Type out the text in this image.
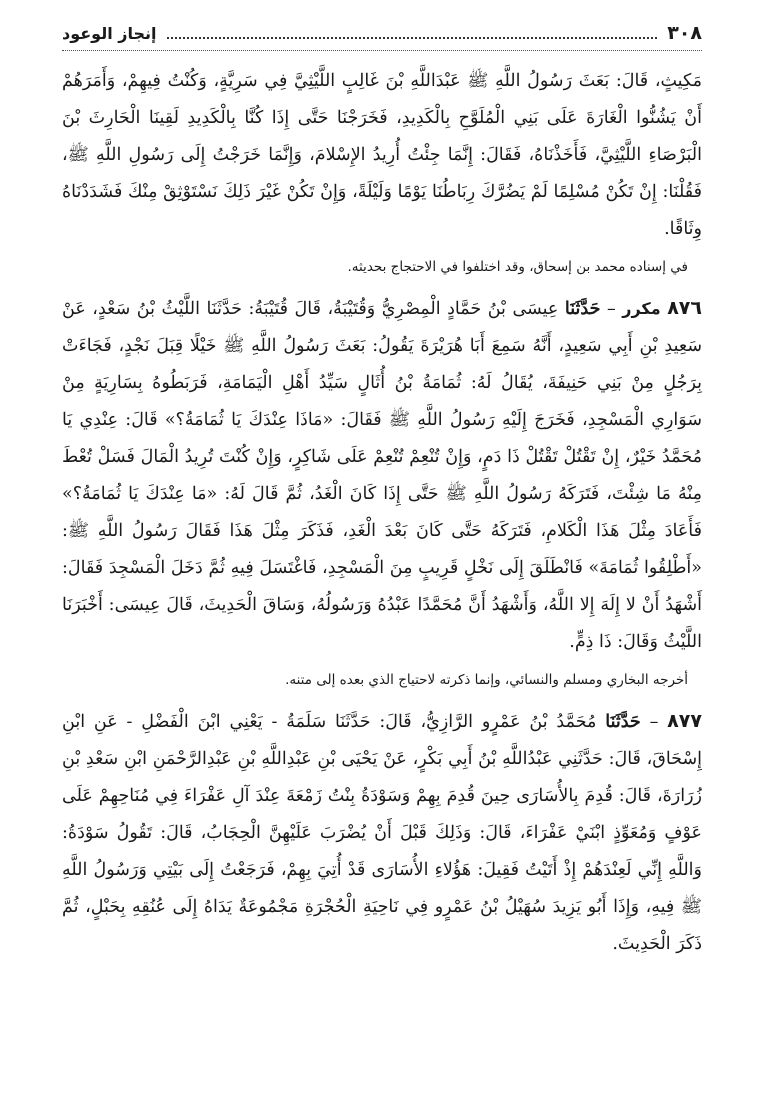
٣٠٨
إنجاز الوعود

مَكِيثٍ، قَالَ: بَعَثَ رَسُولُ اللَّهِ ﷺ عَبْدَاللَّهِ بْنَ غَالِبٍ اللَّيْثِيَّ فِي سَرِيَّةٍ، وَكُنْتُ فِيهِمْ، وَأَمَرَهُمْ أَنْ يَشُنُّوا الْغَارَةَ عَلَى بَنِي الْمُلَوَّحِ بِالْكَدِيدِ، فَخَرَجْنَا حَتَّى إِذَا كُنَّا بِالْكَدِيدِ لَقِينَا الْحَارِثَ بْنَ الْبَرْصَاءِ اللَّيْثِيَّ، فَأَخَذْنَاهُ، فَقَالَ: إِنَّمَا جِئْتُ أُرِيدُ الإِسْلامَ، وَإِنَّمَا خَرَجْتُ إِلَى رَسُولِ اللَّهِ ﷺ، فَقُلْنَا: إِنْ تَكُنْ مُسْلِمًا لَمْ يَضُرَّكَ رِبَاطُنَا يَوْمًا وَلَيْلَةً، وَإِنْ تَكُنْ غَيْرَ ذَلِكَ نَسْتَوْثِقْ مِنْكَ فَشَدَدْنَاهُ وِثَاقًا.

في إسناده محمد بن إسحاق، وقد اختلفوا في الاحتجاج بحديثه.

٨٧٦ مكرر – حَدَّثَنَا عِيسَى بْنُ حَمَّادٍ الْمِصْرِيُّ وَقُتَيْبَةُ، قَالَ قُتَيْبَةُ: حَدَّثَنَا اللَّيْثُ بْنُ سَعْدٍ، عَنْ سَعِيدِ بْنِ أَبِي سَعِيدٍ، أَنَّهُ سَمِعَ أَبَا هُرَيْرَةَ يَقُولُ: بَعَثَ رَسُولُ اللَّهِ ﷺ خَيْلًا قِبَلَ نَجْدٍ، فَجَاءَتْ بِرَجُلٍ مِنْ بَنِي حَنِيفَةَ، يُقَالُ لَهُ: ثُمَامَةُ بْنُ أُثَالٍ سَيِّدُ أَهْلِ الْيَمَامَةِ، فَرَبَطُوهُ بِسَارِيَةٍ مِنْ سَوَارِي الْمَسْجِدِ، فَخَرَجَ إِلَيْهِ رَسُولُ اللَّهِ ﷺ فَقَالَ: «مَاذَا عِنْدَكَ يَا ثُمَامَةُ؟» قَالَ: عِنْدِي يَا مُحَمَّدُ خَيْرٌ، إِنْ تَقْتُلْ تَقْتُلْ ذَا دَمٍ، وَإِنْ تُنْعِمْ تُنْعِمْ عَلَى شَاكِرٍ، وَإِنْ كُنْتَ تُرِيدُ الْمَالَ فَسَلْ تُعْطَ مِنْهُ مَا شِئْتَ، فَتَرَكَهُ رَسُولُ اللَّهِ ﷺ حَتَّى إِذَا كَانَ الْغَدُ، ثُمَّ قَالَ لَهُ: «مَا عِنْدَكَ يَا ثُمَامَةُ؟» فَأَعَادَ مِثْلَ هَذَا الْكَلامِ، فَتَرَكَهُ حَتَّى كَانَ بَعْدَ الْغَدِ، فَذَكَرَ مِثْلَ هَذَا فَقَالَ رَسُولُ اللَّهِ ﷺ: «أَطْلِقُوا ثُمَامَةَ» فَانْطَلَقَ إِلَى نَخْلٍ قَرِيبٍ مِنَ الْمَسْجِدِ، فَاغْتَسَلَ فِيهِ ثُمَّ دَخَلَ الْمَسْجِدَ فَقَالَ: أَشْهَدُ أَنْ لا إِلَهَ إِلا اللَّهُ، وَأَشْهَدُ أَنَّ مُحَمَّدًا عَبْدُهُ وَرَسُولُهُ، وَسَاقَ الْحَدِيثَ، قَالَ عِيسَى: أَخْبَرَنَا اللَّيْثُ وَقَالَ: ذَا ذِمٍّ.

أخرجه البخاري ومسلم والنسائي، وإنما ذكرته لاحتياج الذي بعده إلى متنه.

٨٧٧ – حَدَّثَنَا مُحَمَّدُ بْنُ عَمْرٍو الرَّازِيُّ، قَالَ: حَدَّثَنَا سَلَمَةُ - يَعْنِي ابْنَ الْفَضْلِ - عَنِ ابْنِ إِسْحَاقَ، قَالَ: حَدَّثَنِي عَبْدُاللَّهِ بْنُ أَبِي بَكْرٍ، عَنْ يَحْيَى بْنِ عَبْدِاللَّهِ بْنِ عَبْدِالرَّحْمَنِ ابْنِ سَعْدِ بْنِ زُرَارَةَ، قَالَ: قُدِمَ بِالأُسَارَى حِينَ قُدِمَ بِهِمْ وَسَوْدَةُ بِنْتُ زَمْعَةَ عِنْدَ آلِ عَفْرَاءَ فِي مُنَاحِهِمْ عَلَى عَوْفٍ وَمُعَوِّذٍ ابْنَيْ عَفْرَاءَ، قَالَ: وَذَلِكَ قَبْلَ أَنْ يُضْرَبَ عَلَيْهِنَّ الْحِجَابُ، قَالَ: تَقُولُ سَوْدَةُ: وَاللَّهِ إِنِّي لَعِنْدَهُمْ إِذْ أَتَيْتُ فَقِيلَ: هَؤُلاءِ الأُسَارَى قَدْ أُتِيَ بِهِمْ، فَرَجَعْتُ إِلَى بَيْتِي وَرَسُولُ اللَّهِ ﷺ فِيهِ، وَإِذَا أَبُو يَزِيدَ سُهَيْلُ بْنُ عَمْرٍو فِي نَاحِيَةِ الْحُجْرَةِ مَجْمُوعَةٌ يَدَاهُ إِلَى عُنُقِهِ بِحَبْلٍ، ثُمَّ ذَكَرَ الْحَدِيثَ.
